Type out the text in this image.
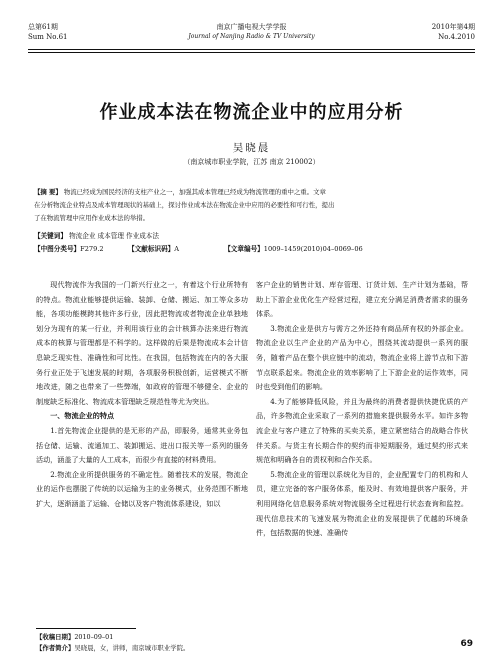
总第61期
Sum No.61
南京广播电视大学学报
Journal of Nanjing Radio & TV University
2010年第4期
No.4.2010
作业成本法在物流企业中的应用分析
吴晓晨
（南京城市职业学院，江苏 南京 210002）
【摘 要】 物流已经成为国民经济的支柱产业之一，加强其成本管理已经成为物流管理的重中之重。文章
在分析物流企业特点及成本管理现状的基础上，探讨作业成本法在物流企业中应用的必要性和可行性，提出
了在物流管理中应用作业成本法的举措。
【关键词】 物流企业 成本管理 作业成本法
【中图分类号】F279.2	【文献标识码】A	【文章编号】1009–1459(2010)04–0069–06

现代物流作为我国的一门新兴行业之一，有着这个行业所特有的特点。物流业能够提供运输、装卸、仓储、搬运、加工等众多功能，各项功能模跨其他许多行业，因此把物流或者物流企业单独地划分为现有的某一行业，并利用该行业的会计核算办法来进行物流成本的核算与管理都是不科学的。这样做的后果是物流成本会计信息缺乏现实性、准确性和可比性。在我国，包括物流在内的各大服务行业正处于飞速发展的时期，各项服务积极创新，运营模式不断地改进，随之也带来了一些弊端，如政府的管理不够健全、企业的制度缺乏标准化、物流成本管理缺乏规范性等尤为突出。

一、物流企业的特点

1.首先物流企业提供的是无形的产品，即服务，通常其业务包括仓储、运输、流通加工、装卸搬运、进出口报关等一系列的服务活动，涵盖了大量的人工成本，而很少有直接的材料费用。

2.物流企业所提供服务的不确定性。随着技术的发展，物流企业的运作也摆脱了传统的以运输为主的业务模式，业务范围不断地扩大，逐渐涵盖了运输、仓储以及客户物流体系建设，如以

客户企业的销售计划、库存管理、订货计划、生产计划为基础，帮助上下游企业优化生产经营过程，建立充分满足消费者需求的服务体系。

3.物流企业是供方与需方之外还持有商品所有权的外部企业。物流企业以生产企业的产品为中心，围绕其流动提供一系列的服务，随着产品在整个供应链中的流动，物流企业将上游节点和下游节点联系起来。物流企业的效率影响了上下游企业的运作效率，同时也受到他们的影响。

4.为了能够降低风险，并且为最终的消费者提供快捷优质的产品，许多物流企业采取了一系列的措施来提供服务水平。如许多物流企业与客户建立了特殊的买卖关系，建立紧密结合的战略合作伙伴关系。与货主有长期合作的契约而非短期服务，通过契约形式来规范和明确各自的责权利和合作关系。

5.物流企业的管理以系统化为目的，企业配置专门的机构和人员，建立完备的客户服务体系，能及时、有效地提供客户服务，并利用网络化信息服务系统对物流服务全过程进行状态查询和监控。现代信息技术的飞速发展为物流企业的发展提供了优越的环境条件，包括数据的快速、准确传

【收稿日期】2010–09–01
【作者简介】吴晓晨，女，讲师，南京城市职业学院。	69
